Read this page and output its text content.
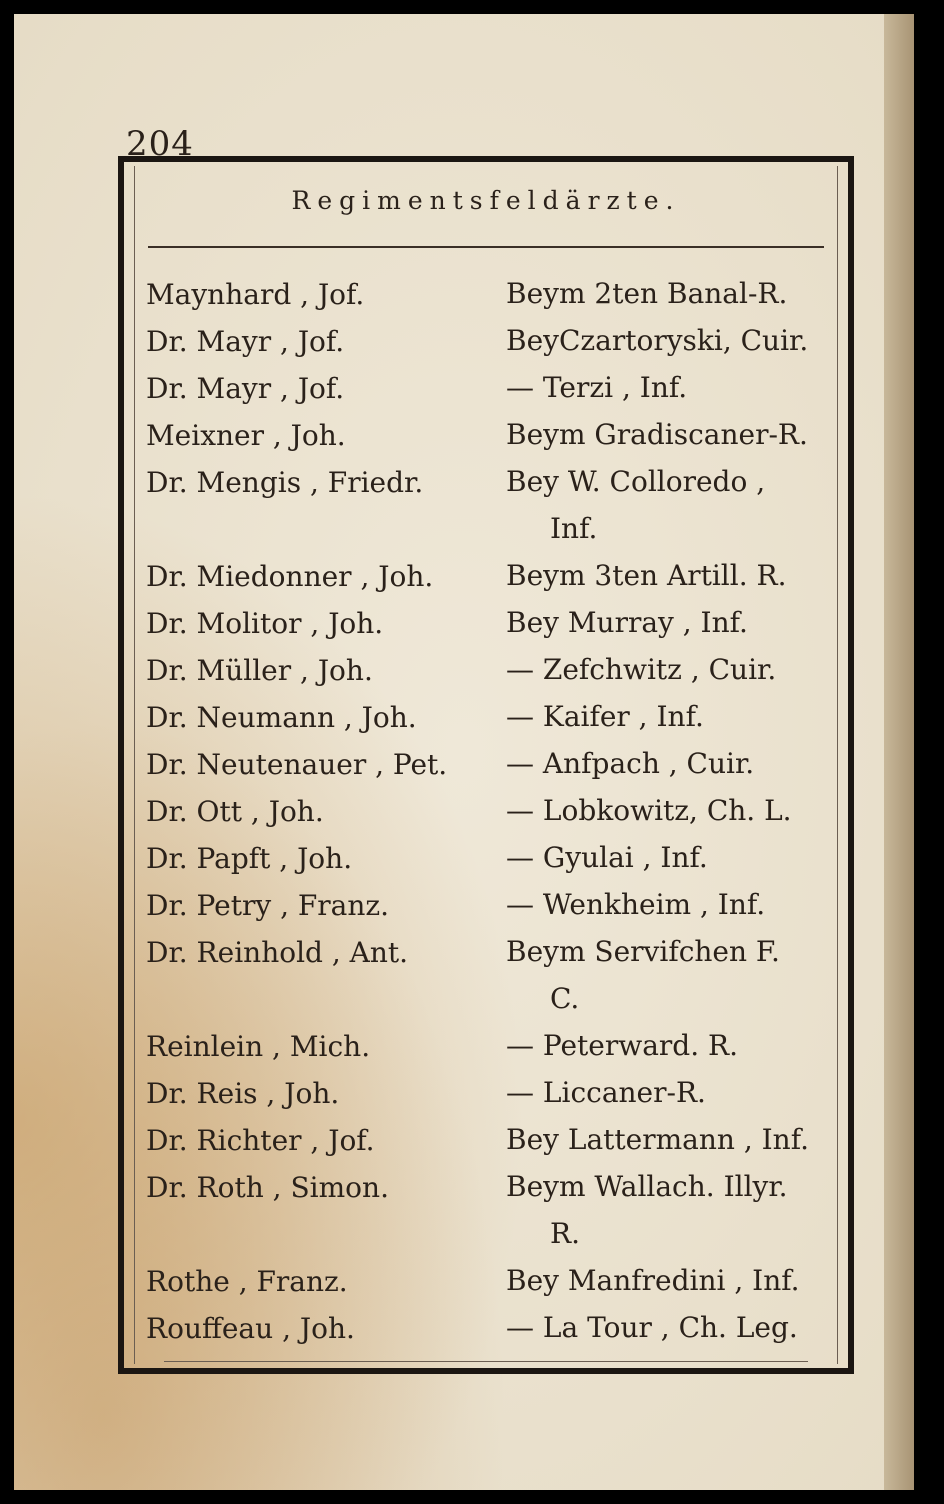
204
Regimentsfeldärzte.
Maynhard , Jof.	Beym 2ten Banal-R.
Dr. Mayr , Jof.	BeyCzartoryski, Cuir.
Dr. Mayr , Jof.	— Terzi , Inf.
Meixner , Joh.	Beym Gradiscaner-R.
Dr. Mengis , Friedr.	Bey W. Colloredo ,
Inf.
Dr. Miedonner , Joh.	Beym 3ten Artill. R.
Dr. Molitor , Joh.	Bey Murray , Inf.
Dr. Müller , Joh.	— Zefchwitz , Cuir.
Dr. Neumann , Joh.	— Kaifer , Inf.
Dr. Neutenauer , Pet. — Anfpach , Cuir.
Dr. Ott , Joh.	— Lobkowitz, Ch. L.
Dr. Papft , Joh.	— Gyulai , Inf.
Dr. Petry , Franz.	— Wenkheim , Inf.
Dr. Reinhold , Ant.	Beym Servifchen F.
C.
Reinlein , Mich.	— Peterward. R.
Dr. Reis , Joh.	— Liccaner-R.
Dr. Richter , Jof.	Bey Lattermann , Inf.
Dr. Roth , Simon.	Beym Wallach. Illyr.
R.
Rothe , Franz.	Bey Manfredini , Inf.
Rouffeau , Joh.	— La Tour , Ch. Leg.
